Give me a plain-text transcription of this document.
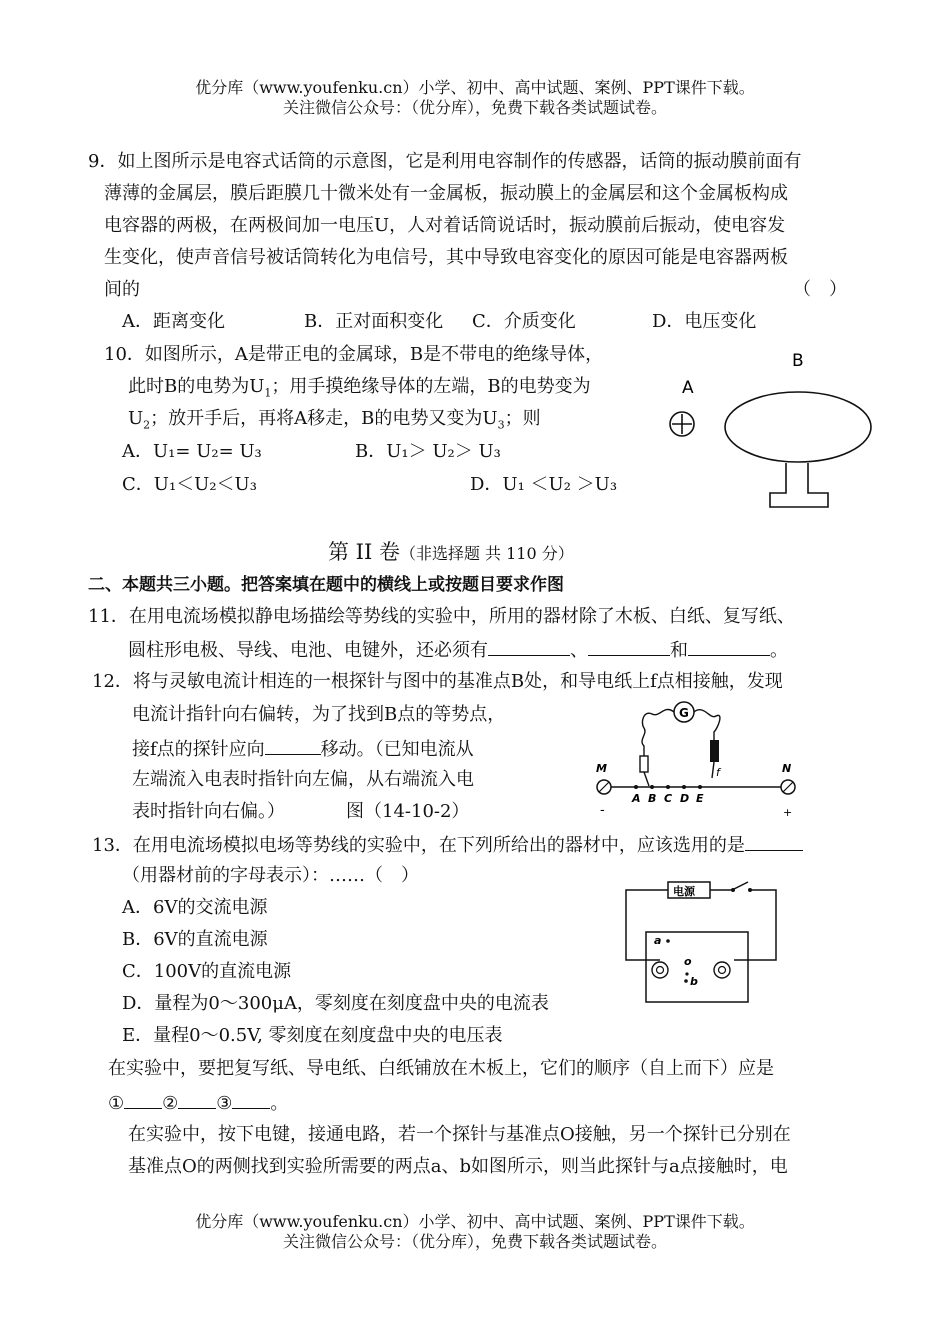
优分库（www.youfenku.cn）小学、初中、高中试题、案例、PPT课件下载。
关注微信公众号：（优分库），免费下载各类试题试卷。
9．如上图所示是电容式话筒的示意图，它是利用电容制作的传感器，话筒的振动膜前面有
薄薄的金属层，膜后距膜几十微米处有一金属板，振动膜上的金属层和这个金属板构成
电容器的两极，在两极间加一电压U，人对着话筒说话时，振动膜前后振动，使电容发
生变化，使声音信号被话筒转化为电信号，其中导致电容变化的原因可能是电容器两板
间的	（　）
A．距离变化	B．正对面积变化 C．介质变化	D．电压变化
10．如图所示，A是带正电的金属球，B是不带电的绝缘导体，
此时B的电势为$U_1$；用手摸绝缘导体的左端，B的电势变为
$U_2$；放开手后，再将A移走，B的电势又变为$U_3$；则
A．U₁= U₂= U₃	B．U₁＞ U₂＞ U₃
C．U₁＜U₂＜U₃	D．U₁ ＜U₂ ＞U₃
B
A
第 II 卷（非选择题 共 110 分）
二、本题共三小题。把答案填在题中的横线上或按题目要求作图
11．在用电流场模拟静电场描绘等势线的实验中，所用的器材除了木板、白纸、复写纸、
圆柱形电极、导线、电池、电键外，还必须有	、	和	。
12．将与灵敏电流计相连的一根探针与图中的基准点B处，和导电纸上f点相接触，发现
电流计指针向右偏转，为了找到B点的等势点，
接f点的探针应向	移动。（已知电流从
左端流入电表时指针向左偏，从右端流入电
表时指针向右偏。）	图（14-10-2）
G
f
M	N
-	+
A B C D E
13．在用电流场模拟电场等势线的实验中，在下列所给出的器材中，应该选用的是
（用器材前的字母表示）：……（　）
A．6V的交流电源
B．6V的直流电源
C．100V的直流电源
D．量程为0～300μA，零刻度在刻度盘中央的电流表
E．量程0～0.5V, 零刻度在刻度盘中央的电压表
在实验中，要把复写纸、导电纸、白纸铺放在木板上，它们的顺序（自上而下）应是
① ② ③ 。
在实验中，按下电键，接通电路，若一个探针与基准点O接触，另一个探针已分别在
基准点O的两侧找到实验所需要的两点a、b如图所示，则当此探针与a点接触时，电
电源
a
o
b
优分库（www.youfenku.cn）小学、初中、高中试题、案例、PPT课件下载。
关注微信公众号：（优分库），免费下载各类试题试卷。
